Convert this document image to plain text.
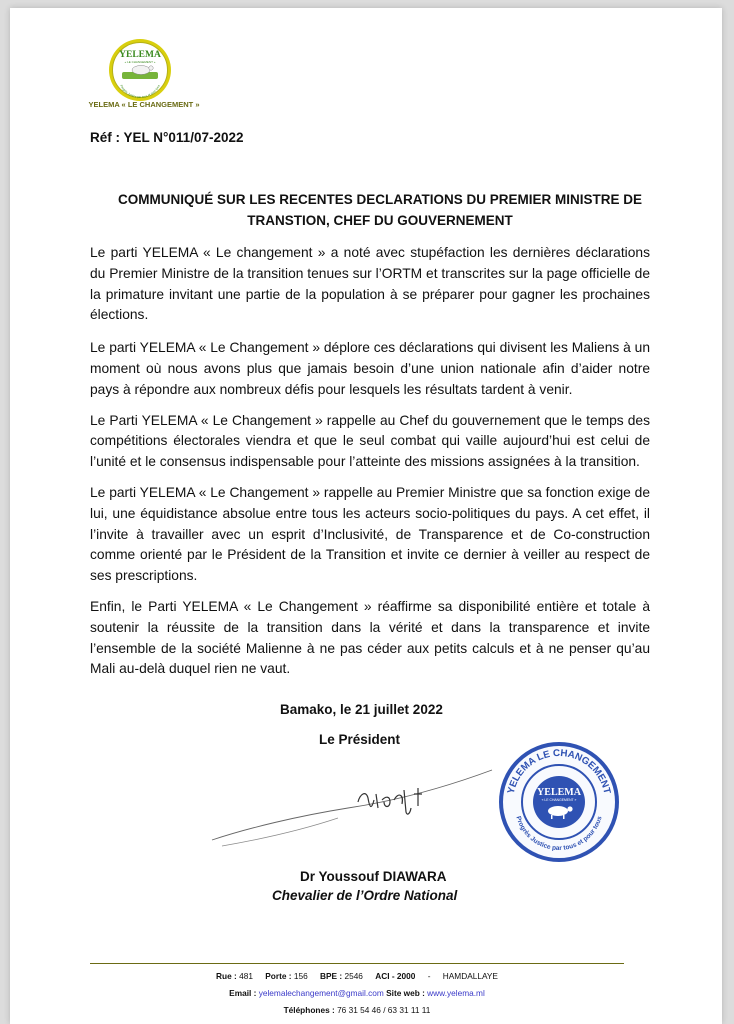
YELEMA
« LE CHANGEMENT »
Progrès Justice par tous et pour tous
YELEMA « LE CHANGEMENT »
Réf : YEL N°011/07-2022
COMMUNIQUÉ SUR LES RECENTES DECLARATIONS DU PREMIER MINISTRE DE
TRANSTION, CHEF DU GOUVERNEMENT

Le parti YELEMA « Le changement » a noté avec stupéfaction les dernières déclarations du Premier Ministre de la transition tenues sur l’ORTM et transcrites sur la page officielle de la primature invitant une partie de la population à se préparer pour gagner les prochaines élections.

Le parti YELEMA « Le Changement » déplore ces déclarations qui divisent les Maliens à un moment où nous avons plus que jamais besoin d’une union nationale afin d’aider notre pays à répondre aux nombreux défis pour lesquels les résultats tardent à venir.

Le Parti YELEMA « Le Changement » rappelle au Chef du gouvernement que le temps des compétitions électorales viendra et que le seul combat qui vaille aujourd’hui est celui de l’unité et le consensus indispensable pour l’atteinte des missions assignées à la transition.

Le parti YELEMA « Le Changement » rappelle au Premier Ministre que sa fonction exige de lui, une équidistance absolue entre tous les acteurs socio-politiques du pays. A cet effet, il l’invite à travailler avec un esprit d’Inclusivité, de Transparence et de Co-construction comme orienté par le Président de la Transition et invite ce dernier à veiller au respect de ses prescriptions.

Enfin, le Parti YELEMA « Le Changement » réaffirme sa disponibilité entière et totale à soutenir la réussite de la transition dans la vérité et dans la transparence et invite l’ensemble de la société Malienne à ne pas céder aux petits calculs et à ne penser qu’au Mali au-delà duquel rien ne vaut.

Bamako, le 21 juillet 2022
Le Président
YELEMA LE CHANGEMENT
Progrès Justice par tous et pour tous
YELEMA
« LE CHANGEMENT »
Dr Youssouf DIAWARA
Chevalier de l’Ordre National
Rue : 481 Porte : 156 BPE : 2546 ACI - 2000 - HAMDALLAYE
Email : yelemalechangement@gmail.com Site web : www.yelema.ml
Téléphones : 76 31 54 46 / 63 31 11 11
